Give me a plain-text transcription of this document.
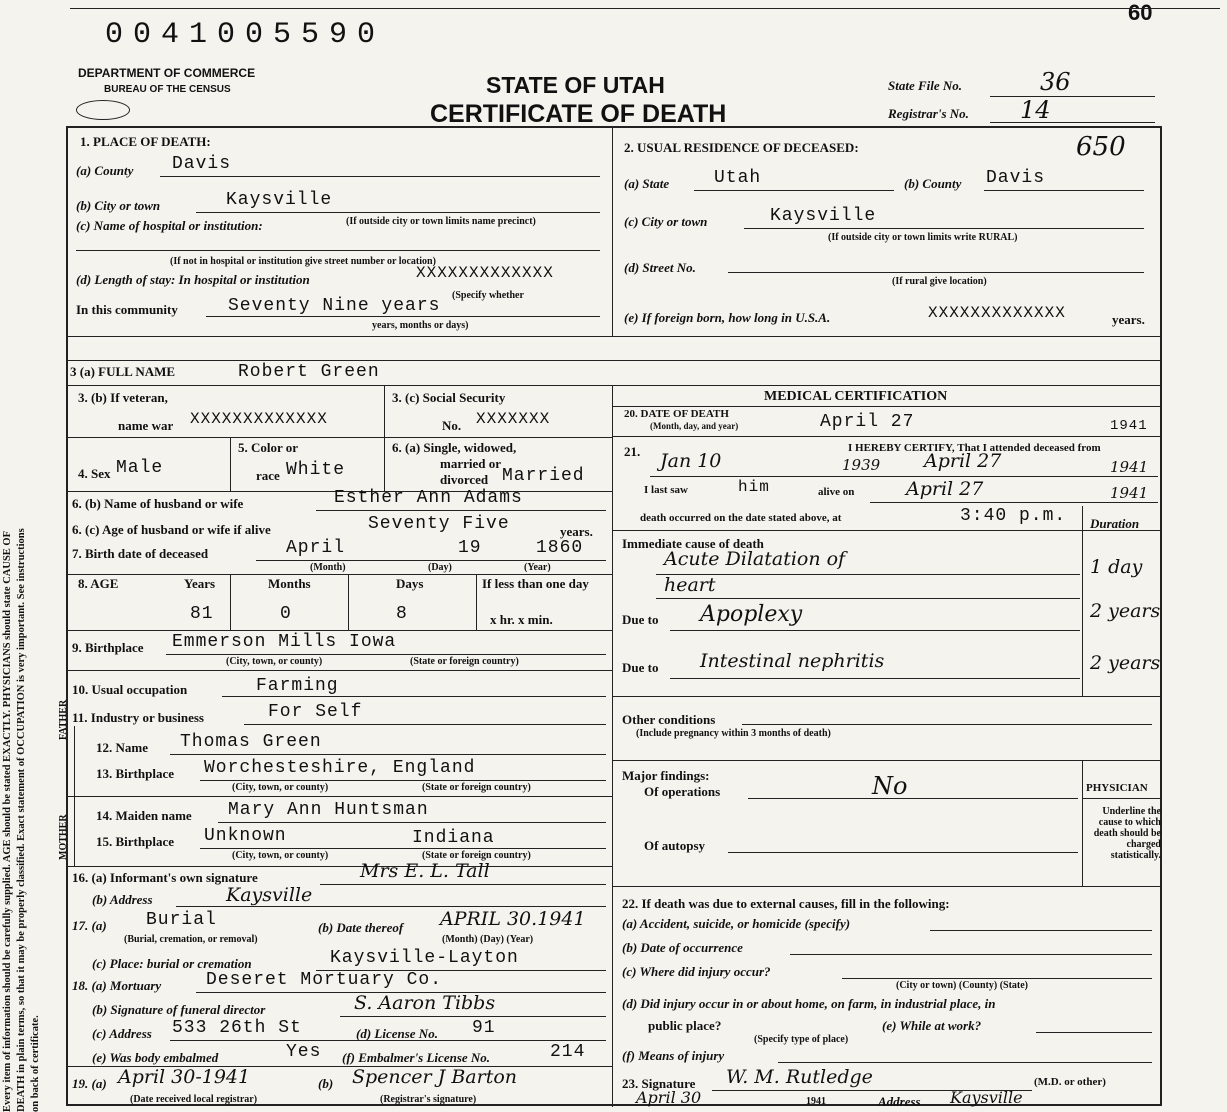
Every item of information should be carefully supplied. AGE should be stated EXACTLY. PHYSICIANS should state CAUSE OF DEATH in plain terms, so that it may be properly classified. Exact statement of OCCUPATION is very important. See instructions on back of certificate.
0041005590
60
DEPARTMENT OF COMMERCE
BUREAU OF THE CENSUS	STATE OF UTAH
CERTIFICATE OF DEATH
State File No.	36
Registrar's No. 14
1. PLACE OF DEATH:
(a) County Davis
(b) City or town	Kaysville
(c) Name of hospital or institution:	(If outside city or town limits name precinct)
(If not in hospital or institution give street number or location)
(d) Length of stay: In hospital or institution	XXXXXXXXXXXXX
(Specify whether
In this community	Seventy Nine years
years, months or days)
2. USUAL RESIDENCE OF DECEASED:	650
(a) State Utah	(b) County Davis
(c) City or town	Kaysville
(If outside city or town limits write RURAL)
(d) Street No.
(If rural give location)
(e) If foreign born, how long in U.S.A.	XXXXXXXXXXXXX	years.
3 (a) FULL NAME	Robert Green
3. (b) If veteran,
name war XXXXXXXXXXXXX
3. (c) Social Security
No. XXXXXXX
4. Sex Male
5. Color or
race White
6. (a) Single, widowed,
married or
divorced Married
6. (b) Name of husband or wife	Esther Ann Adams
6. (c) Age of husband or wife if alive	Seventy Five	years.
7. Birth date of deceased	April	19	1860
(Month)	(Day)	(Year)
8. AGE	Years	Months	Days	If less than one day
81	0	8	x hr. x min.
9. Birthplace Emmerson Mills Iowa
(City, town, or county)	(State or foreign country)
10. Usual occupation	Farming
11. Industry or business	For Self
FATHER
MOTHER
12. Name Thomas Green
13. Birthplace Worchesteshire, England
(City, town, or county)	(State or foreign country)
14. Maiden name Mary Ann Huntsman
15. Birthplace Unknown	Indiana
(City, town, or county)	(State or foreign country)
16. (a) Informant's own signature	Mrs E. L. Tall
(b) Address	Kaysville
17. (a) Burial
(Burial, cremation, or removal)
(b) Date thereof APRIL 30.1941
(Month) (Day) (Year)
(c) Place: burial or cremation	Kaysville-Layton
18. (a) Mortuary Deseret Mortuary Co.
(b) Signature of funeral director	S. Aaron Tibbs
(c) Address 533 26th St	(d) License No. 91
(e) Was body embalmed	Yes (f) Embalmer's License No.	214
19. (a) April 30-1941
(Date received local registrar)
(b) Spencer J Barton
(Registrar's signature)
MEDICAL CERTIFICATION
20. DATE OF DEATH
(Month, day, and year)	April 27	1941
21.	I HEREBY CERTIFY, That I attended deceased from
Jan 10	1939 April 27	1941
I last saw	him	alive on	April 27	1941
death occurred on the date stated above, at	3:40 p.m. Duration
Immediate cause of death
Acute Dilatation of
heart
1 day
Due to Apoplexy	2 years
Due to Intestinal nephritis	2 years
Other conditions
(Include pregnancy within 3 months of death)
Major findings:
Of operations	No
Of autopsy
PHYSICIAN
Underline the cause to which death should be charged statistically.
22. If death was due to external causes, fill in the following:
(a) Accident, suicide, or homicide (specify)
(b) Date of occurrence
(c) Where did injury occur?
(City or town) (County) (State)
(d) Did injury occur in or about home, on farm, in industrial place, in
public place?
(Specify type of place)
(e) While at work?
(f) Means of injury
23. Signature W. M. Rutledge	(M.D. or other)
April 30	1941	Address Kaysville
